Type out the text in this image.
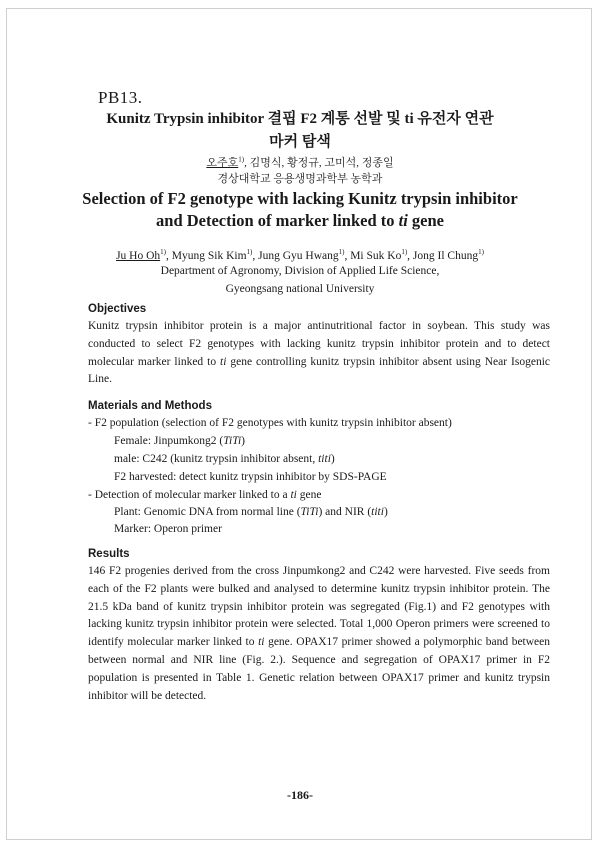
PB13.
Kunitz Trypsin inhibitor 결핍 F2 계통 선발 및 ti 유전자 연관
마커 탐색
오주호$^{1)}$, 김명식, 황정규, 고미석, 정종일
경상대학교 응용생명과학부 농학과
Selection of F2 genotype with lacking Kunitz trypsin inhibitor
and Detection of marker linked to ti gene
Ju Ho Oh$^{1)}$, Myung Sik Kim$^{1)}$, Jung Gyu Hwang$^{1)}$, Mi Suk Ko$^{1)}$, Jong Il Chung$^{1)}$
Department of Agronomy, Division of Applied Life Science,
Gyeongsang national University
Objectives
Kunitz trypsin inhibitor protein is a major antinutritional factor in soybean. This study was conducted to select F2 genotypes with lacking kunitz trypsin inhibitor protein and to detect molecular marker linked to ti gene controlling kunitz trypsin inhibitor absent using Near Isogenic Line.
Materials and Methods
- F2 population (selection of F2 genotypes with kunitz trypsin inhibitor absent)
Female: Jinpumkong2 (TiTi)
male: C242 (kunitz trypsin inhibitor absent, titi)
F2 harvested: detect kunitz trypsin inhibitor by SDS-PAGE
- Detection of molecular marker linked to a ti gene
Plant: Genomic DNA from normal line (TiTi) and NIR (titi)
Marker: Operon primer
Results
146 F2 progenies derived from the cross Jinpumkong2 and C242 were harvested. Five seeds from each of the F2 plants were bulked and analysed to determine kunitz trypsin inhibitor protein. The 21.5 kDa band of kunitz trypsin inhibitor protein was segregated (Fig.1) and F2 genotypes with lacking kunitz trypsin inhibitor protein were selected. Total 1,000 Operon primers were screened to identify molecular marker linked to ti gene. OPAX17 primer showed a polymorphic band between between normal and NIR line (Fig. 2.). Sequence and segregation of OPAX17 primer in F2 population is presented in Table 1. Genetic relation between OPAX17 primer and kunitz trypsin inhibitor will be detected.
-186-
